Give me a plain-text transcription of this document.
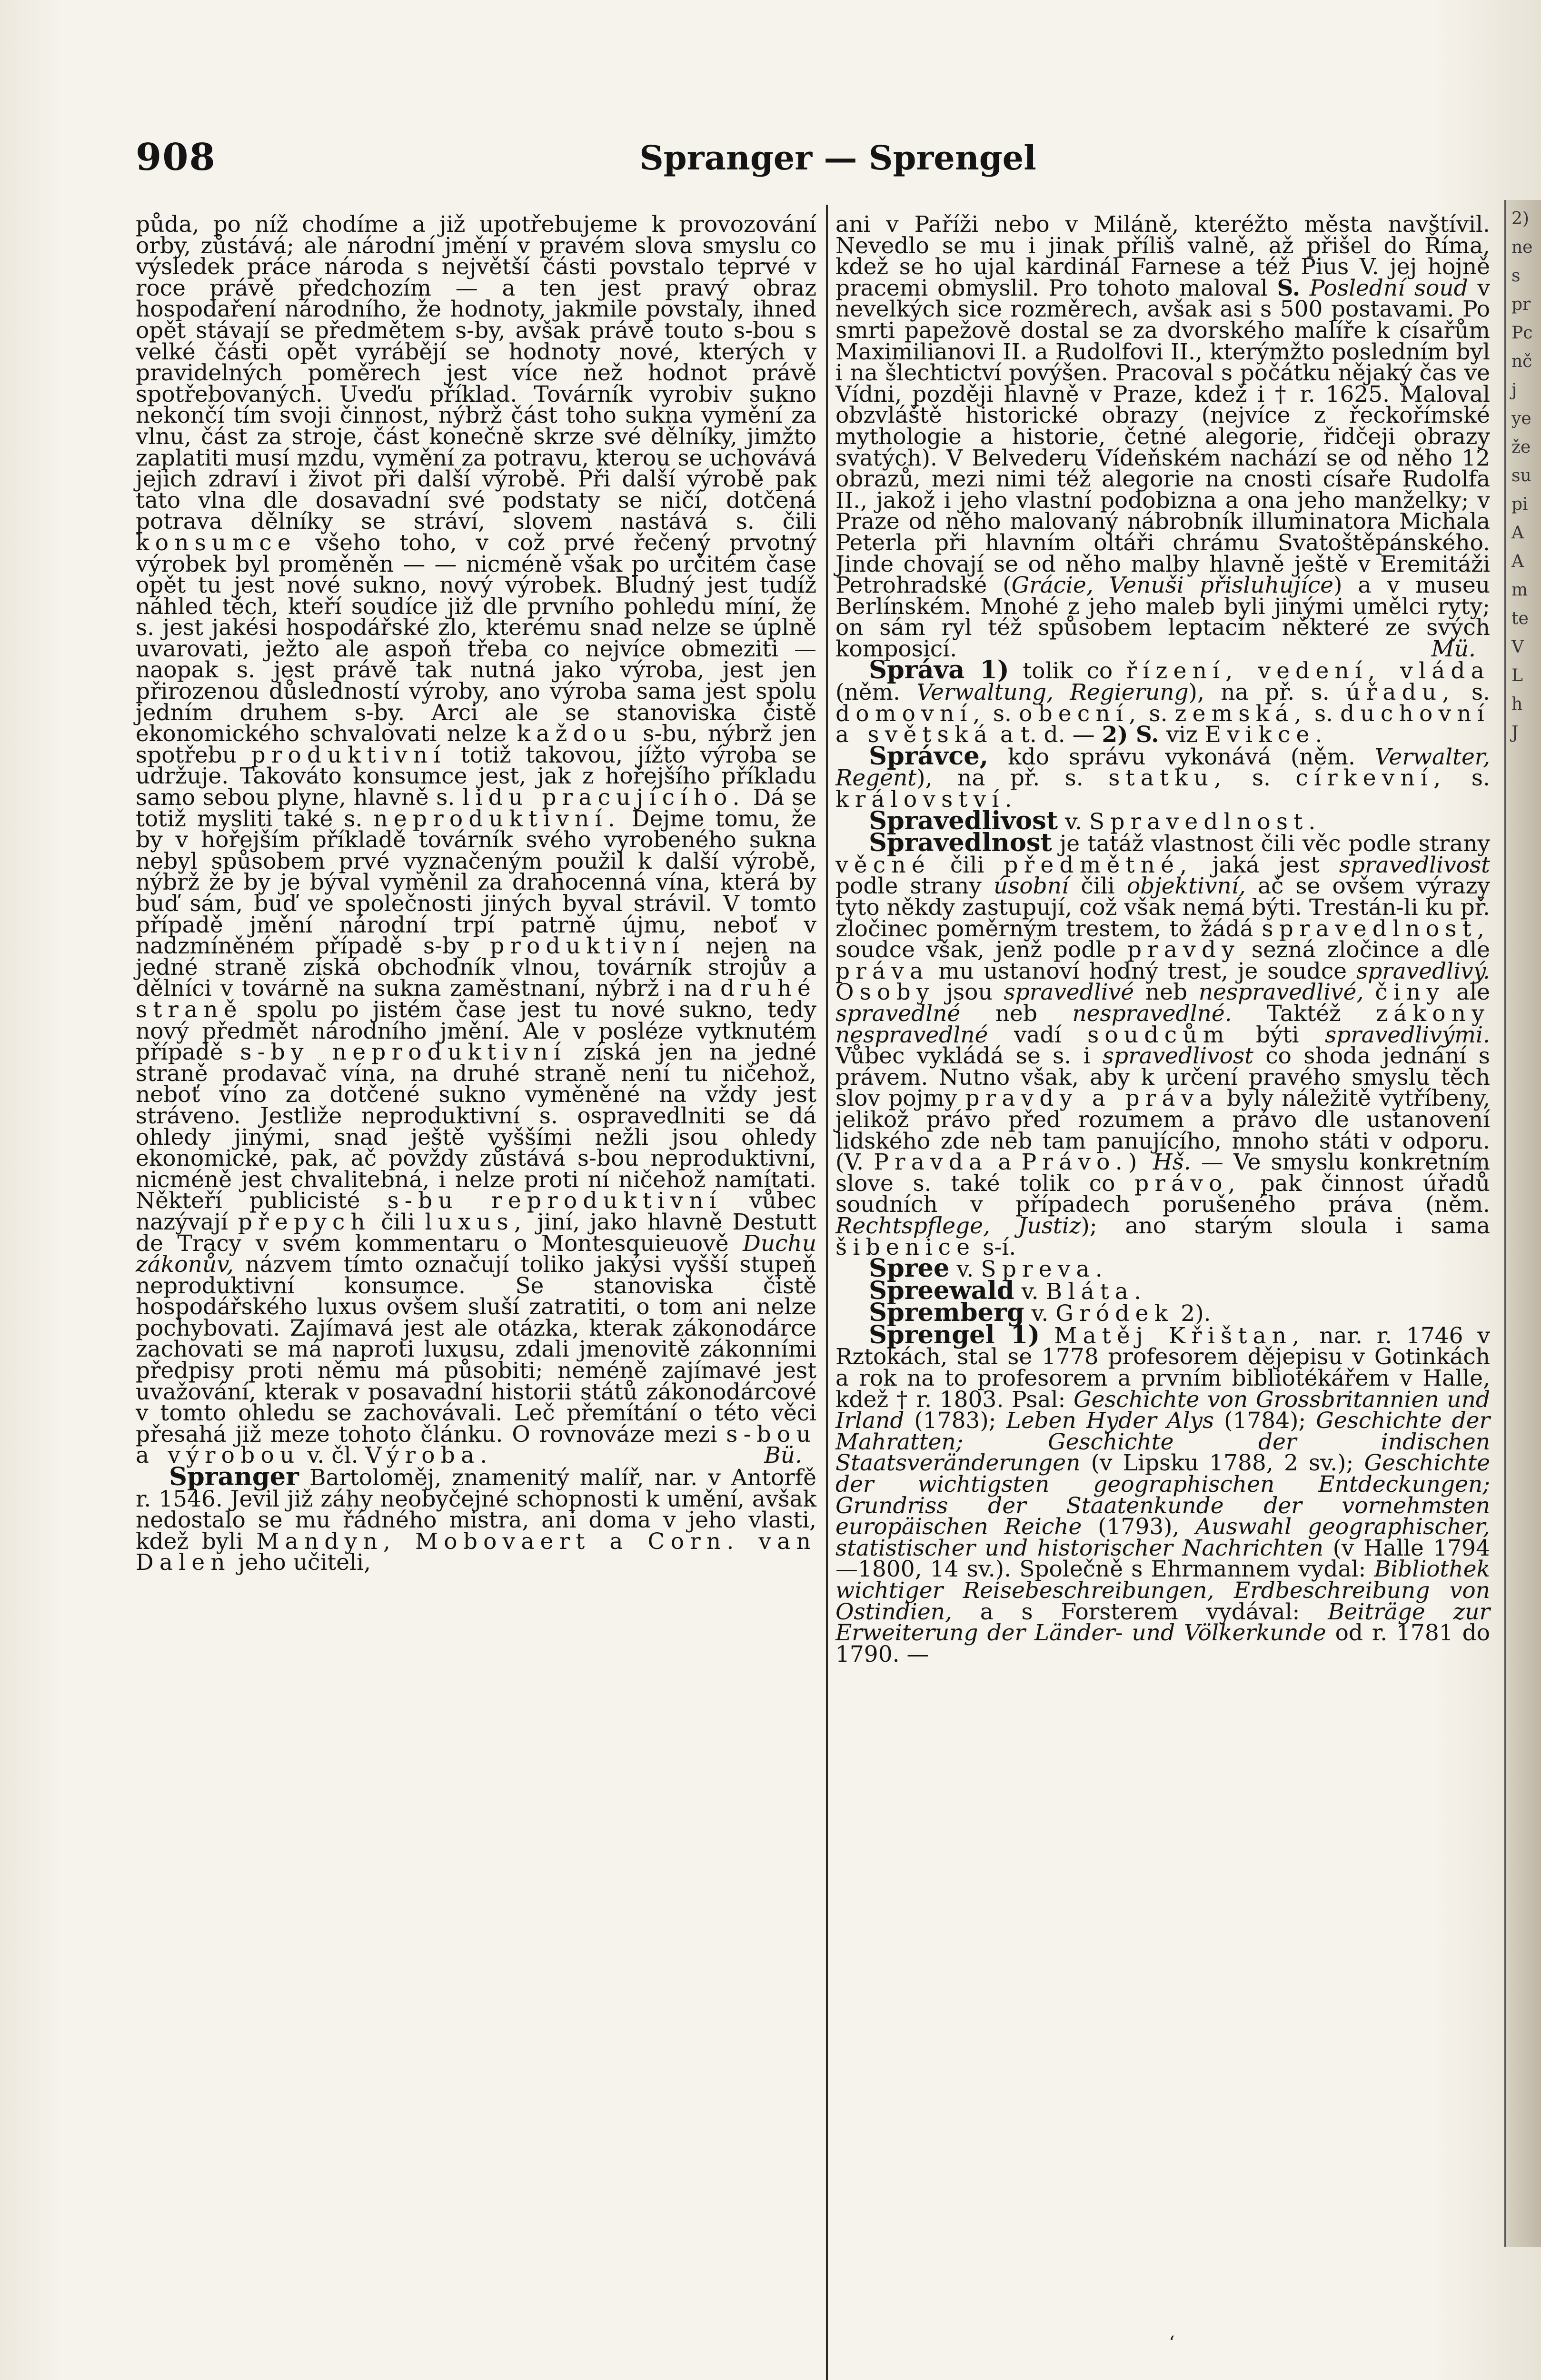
908	Spranger — Sprengel

půda, po níž chodíme a již upotřebujeme k provozování orby, zůstává; ale národní jmění v pravém slova smyslu co výsledek práce národa s největší části povstalo teprvé v roce právě předchozím — a ten jest pravý obraz hospodaření národního, že hodnoty, jakmile povstaly, ihned opět stávají se předmětem s-by, avšak právě touto s-bou s velké části opět vyrábějí se hodnoty nové, kterých v pravidelných poměrech jest více než hodnot právě spotřebovaných. Uveďu příklad. Továrník vyrobiv sukno nekončí tím svoji činnost, nýbrž část toho sukna vymění za vlnu, část za stroje, část konečně skrze své dělníky, jimžto zaplatiti musí mzdu, vymění za potravu, kterou se uchovává jejich zdraví i život při další výrobě. Při další výrobě pak tato vlna dle dosavadní své podstaty se ničí, dotčená potrava dělníky se stráví, slovem nastává s. čili konsumce všeho toho, v což prvé řečený prvotný výrobek byl proměněn — — nicméně však po určitém čase opět tu jest nové sukno, nový výrobek. Bludný jest tudíž náhled těch, kteří soudíce již dle prvního pohledu míní, že s. jest jakési hospodářské zlo, kterému snad nelze se úplně uvarovati, ježto ale aspoň třeba co nejvíce obmeziti — naopak s. jest právě tak nutná jako výroba, jest jen přirozenou důsledností výroby, ano výroba sama jest spolu jedním druhem s-by. Arci ale se stanoviska čistě ekonomického schvalovati nelze každou s-bu, nýbrž jen spotřebu produktivní totiž takovou, jížto výroba se udržuje. Takováto konsumce jest, jak z hořejšího příkladu samo sebou plyne, hlavně s. lidu pracujícího. Dá se totiž mysliti také s. neproduktivní. Dejme tomu, že by v hořejším příkladě továrník svého vyrobeného sukna nebyl spůsobem prvé vyznačeným použil k další výrobě, nýbrž že by je býval vyměnil za drahocenná vína, která by buď sám, buď ve společnosti jiných byval strávil. V tomto případě jmění národní trpí patrně újmu, neboť v nadzmíněném případě s-by produktivní nejen na jedné straně získá obchodník vlnou, továrník strojův a dělníci v továrně na sukna zaměstnaní, nýbrž i na druhé straně spolu po jistém čase jest tu nové sukno, tedy nový předmět národního jmění. Ale v posléze vytknutém případě s-by neproduktivní získá jen na jedné straně prodavač vína, na druhé straně není tu ničehož, neboť víno za dotčené sukno vyměněné na vždy jest stráveno. Jestliže neproduktivní s. ospravedlniti se dá ohledy jinými, snad ještě vyššími nežli jsou ohledy ekonomické, pak, ač povždy zůstává s-bou neproduktivní, nicméně jest chvalitebná, i nelze proti ní ničehož namítati. Někteří publicisté s-bu reproduktivní vůbec nazývají přepych čili luxus, jiní, jako hlavně Destutt de Tracy v svém kommentaru o Montesquieuově Duchu zákonův, názvem tímto označují toliko jakýsi vyšší stupeň neproduktivní konsumce. Se stanoviska čistě hospodářského luxus ovšem sluší zatratiti, o tom ani nelze pochybovati. Zajímavá jest ale otázka, kterak zákonodárce zachovati se má naproti luxusu, zdali jmenovitě zákonními předpisy proti němu má působiti; neméně zajímavé jest uvažování, kterak v posavadní historii států zákonodárcové v tomto ohledu se zachovávali. Leč přemítání o této věci přesahá již meze tohoto článku. O rovnováze mezi s-bou a výrobou v. čl. Výroba.	Bü.

Spranger Bartoloměj, znamenitý malíř, nar. v Antorfě r. 1546. Jevil již záhy neobyčejné schopnosti k umění, avšak nedostalo se mu řádného mistra, ani doma v jeho vlasti, kdež byli Mandyn, Mobovaert a Corn. van Dalen jeho učiteli,

ani v Paříži nebo v Miláně, kteréžto města navštívil. Nevedlo se mu i jinak příliš valně, až přišel do Říma, kdež se ho ujal kardinál Farnese a též Pius V. jej hojně pracemi obmyslil. Pro tohoto maloval S. Poslední soud v nevelkých sice rozměrech, avšak asi s 500 postavami. Po smrti papežově dostal se za dvorského malíře k císařům Maximilianovi II. a Rudolfovi II., kterýmžto posledním byl i na šlechtictví povýšen. Pracoval s počátku nějaký čas ve Vídni, později hlavně v Praze, kdež i † r. 1625. Maloval obzvláště historické obrazy (nejvíce z řeckořímské mythologie a historie, četné alegorie, řidčeji obrazy svatých). V Belvederu Vídeňském nachází se od něho 12 obrazů, mezi nimi též alegorie na cnosti císaře Rudolfa II., jakož i jeho vlastní podobizna a ona jeho manželky; v Praze od něho malovaný nábrobník illuminatora Michala Peterla při hlavním oltáři chrámu Svatoštěpánského. Jinde chovají se od něho malby hlavně ještě v Eremitáži Petrohradské (Grácie, Venuši přisluhujíce) a v museu Berlínském. Mnohé z jeho maleb byli jinými umělci ryty; on sám ryl též spůsobem leptacím některé ze svých komposicí.	Mü.

Správa 1) tolik co řízení, vedení, vláda (něm. Verwaltung, Regierung), na př. s. úřadu, s. domovní, s. obecní, s. zemská, s. duchovní a světská a t. d. — 2) S. viz Evikce.

Správce, kdo správu vykonává (něm. Verwalter, Regent), na př. s. statku, s. církevní, s. království.

Spravedlivost v. Spravedlnost.

Spravedlnost je tatáž vlastnost čili věc podle strany věcné čili předmětné, jaká jest spravedlivost podle strany úsobní čili objektivní, ač se ovšem výrazy tyto někdy zastupují, což však nemá býti. Trestán-li ku př. zločinec poměrným trestem, to žádá spravedlnost, soudce však, jenž podle pravdy sezná zločince a dle práva mu ustanoví hodný trest, je soudce spravedlivý. Osoby jsou spravedlivé neb nespravedlivé, činy ale spravedlné neb nespravedlné. Taktéž zákony nespravedlné vadí soudcům býti spravedlivými. Vůbec vykládá se s. i spravedlivost co shoda jednání s právem. Nutno však, aby k určení pravého smyslu těch slov pojmy pravdy a práva byly náležitě vytříbeny, jelikož právo před rozumem a právo dle ustanovení lidského zde neb tam panujícího, mnoho státi v odporu. (V. Pravda a Právo.) Hš. — Ve smyslu konkretním slove s. také tolik co právo, pak činnost úřadů soudních v případech porušeného práva (něm. Rechtspflege, Justiz); ano starým sloula i sama šibenice s-í.

Spree v. Spreva.

Spreewald v. Bláta.

Spremberg v. Gródek 2).

Sprengel 1) Matěj Křištan, nar. r. 1746 v Rztokách, stal se 1778 profesorem dějepisu v Gotinkách a rok na to profesorem a prvním bibliotékářem v Halle, kdež † r. 1803. Psal: Geschichte von Grossbritannien und Irland (1783); Leben Hyder Alys (1784); Geschichte der Mahratten; Geschichte der indischen Staatsveränderungen (v Lipsku 1788, 2 sv.); Geschichte der wichtigsten geographischen Entdeckungen; Grundriss der Staatenkunde der vornehmsten europäischen Reiche (1793), Auswahl geographischer, statistischer und historischer Nachrichten (v Halle 1794—1800, 14 sv.). Společně s Ehrmannem vydal: Bibliothek wichtiger Reisebeschreibungen, Erdbeschreibung von Ostindien, a s Forsterem vydával: Beiträge zur Erweiterung der Länder- und Völkerkunde od r. 1781 do 1790. —

2)
ne
s
pr
Pc
nč
j
ye
že
su
pi
A
A
m
te
V
L
h
J
‘
